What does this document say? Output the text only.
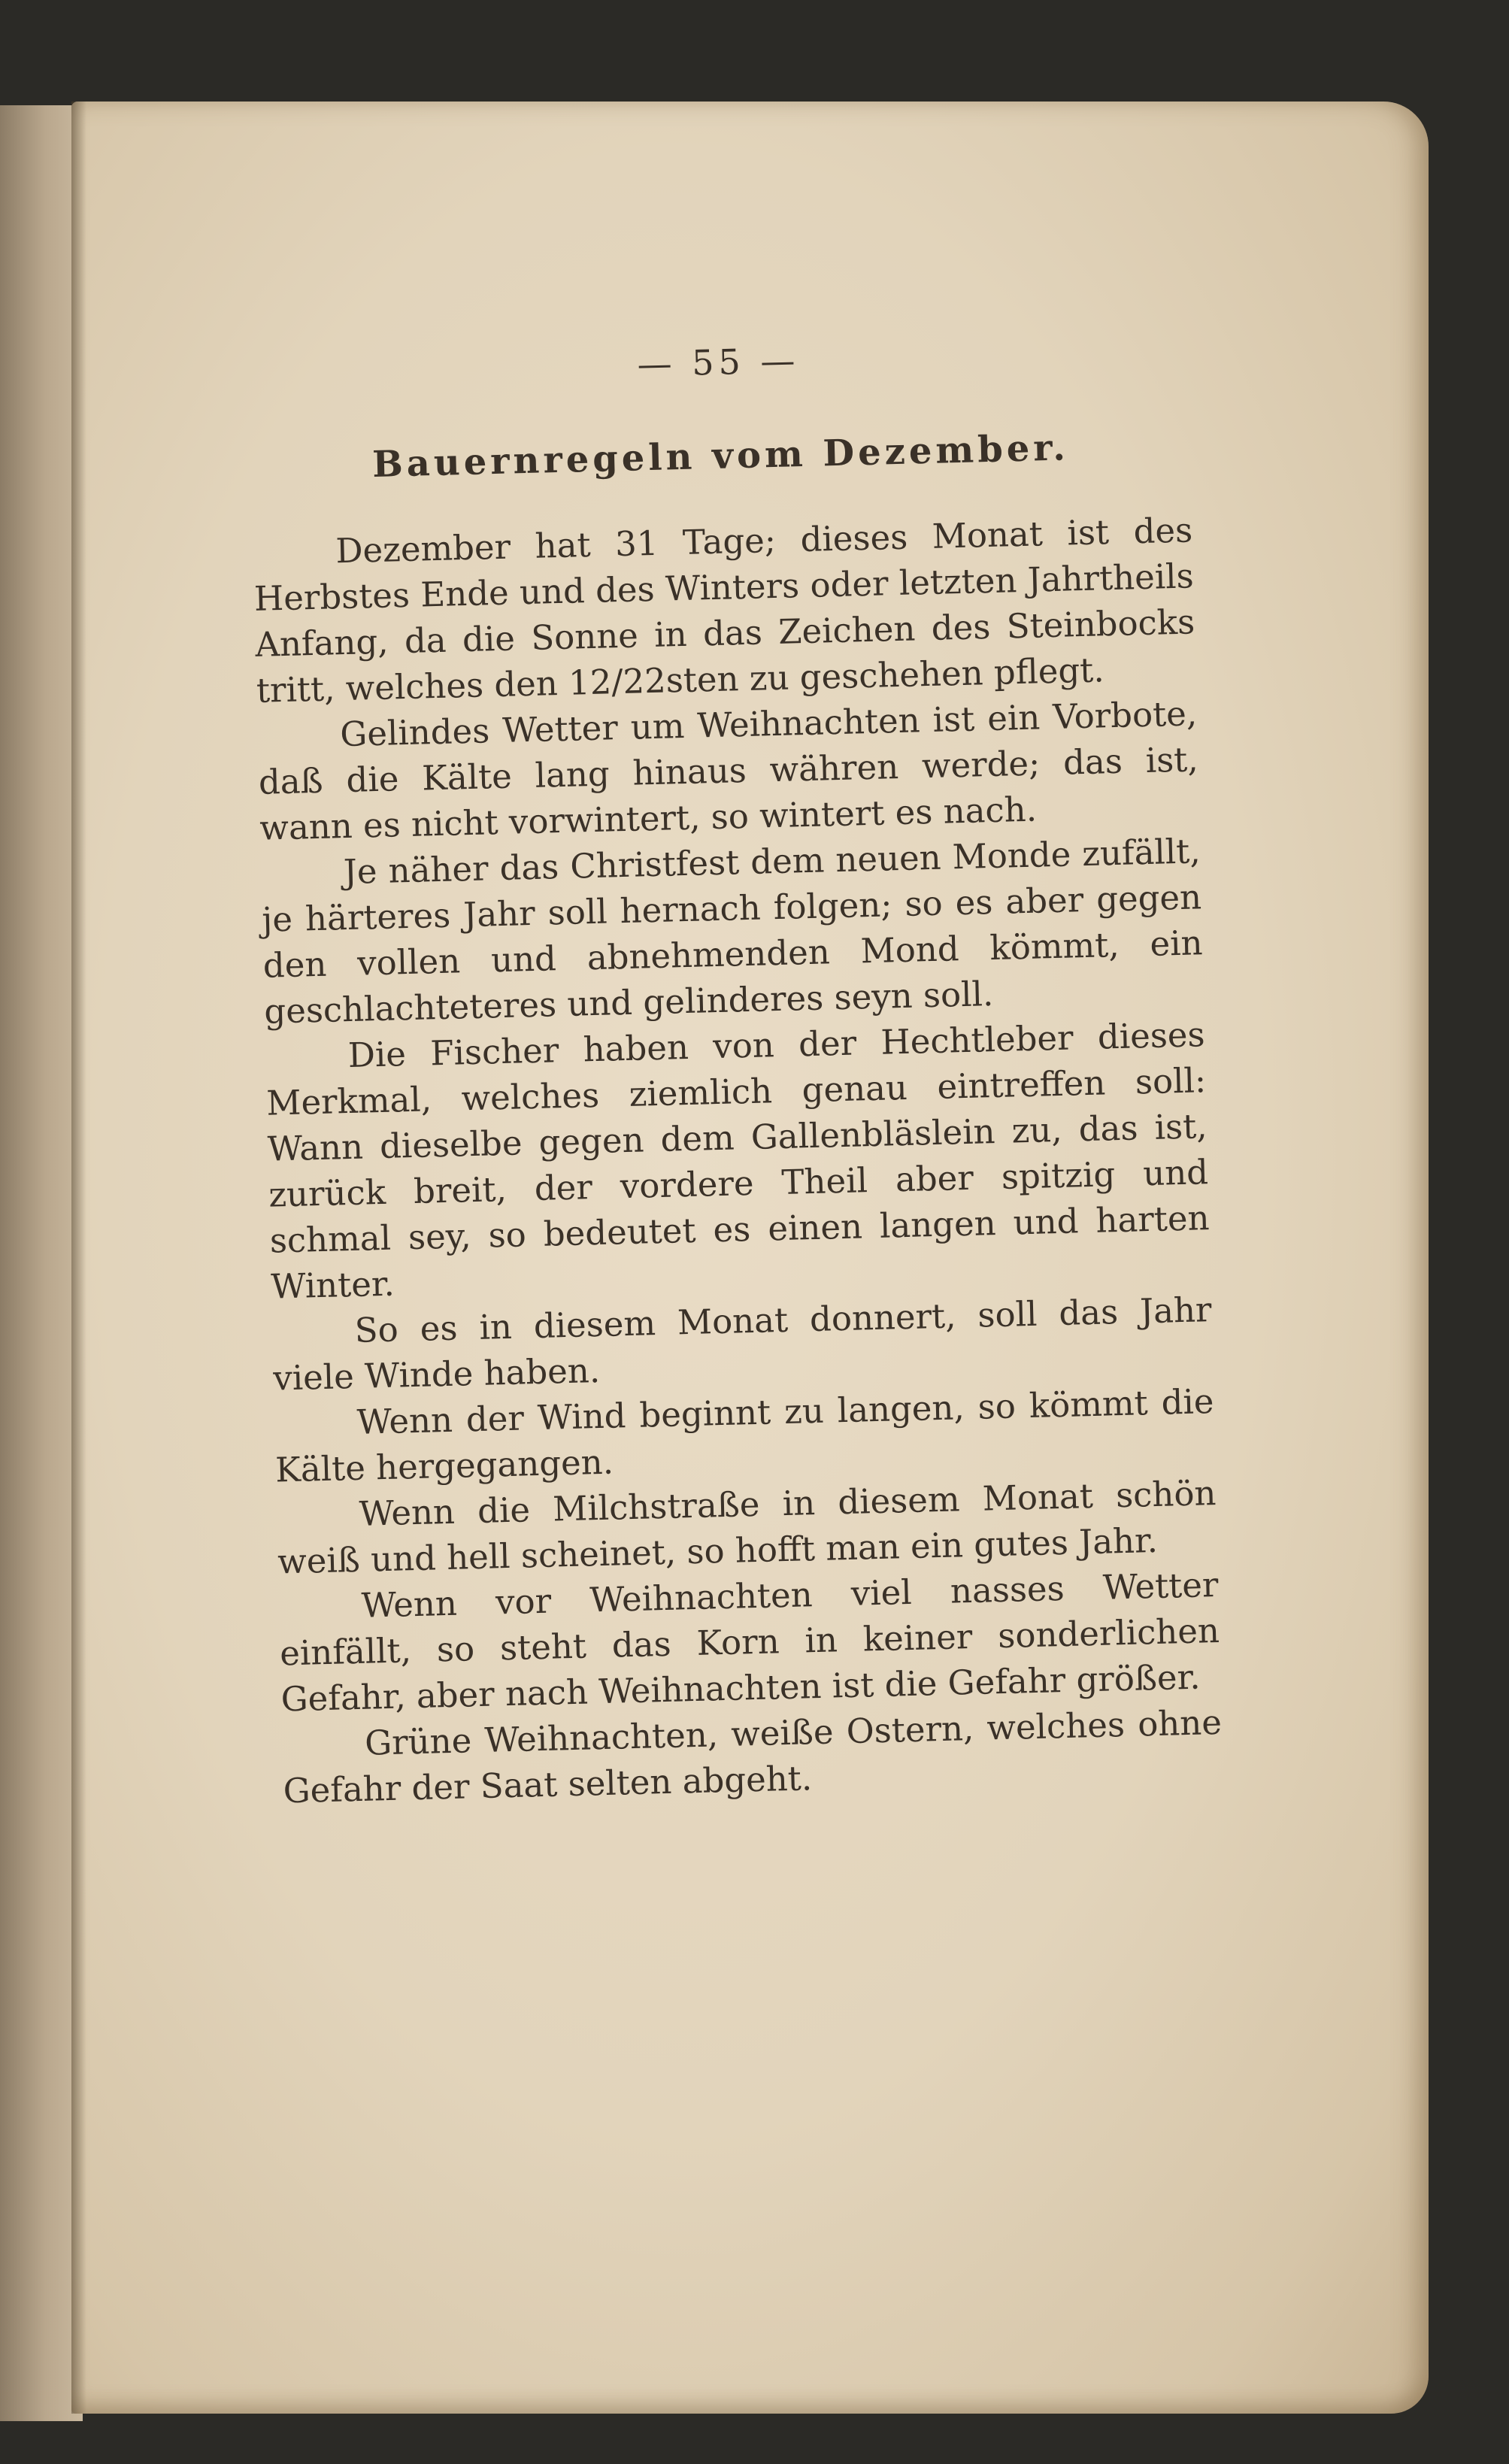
— 55 —
Bauernregeln vom Dezember.

Dezember hat 31 Tage; dieses Monat ist des Herbstes Ende und des Winters oder letzten Jahrtheils Anfang, da die Sonne in das Zeichen des Steinbocks tritt, welches den 12/22sten zu geschehen pflegt.

Gelindes Wetter um Weihnachten ist ein Vorbote, daß die Kälte lang hinaus währen werde; das ist, wann es nicht vorwintert, so wintert es nach.

Je näher das Christfest dem neuen Monde zufällt, je härteres Jahr soll hernach folgen; so es aber gegen den vollen und abnehmenden Mond kömmt, ein geschlachteteres und gelinderes seyn soll.

Die Fischer haben von der Hechtleber dieses Merkmal, welches ziemlich genau eintreffen soll: Wann dieselbe gegen dem Gallenbläslein zu, das ist, zurück breit, der vordere Theil aber spitzig und schmal sey, so bedeutet es einen langen und harten Winter.

So es in diesem Monat donnert, soll das Jahr viele Winde haben.

Wenn der Wind beginnt zu langen, so kömmt die Kälte hergegangen.

Wenn die Milchstraße in diesem Monat schön weiß und hell scheinet, so hofft man ein gutes Jahr.

Wenn vor Weihnachten viel nasses Wetter einfällt, so steht das Korn in keiner sonderlichen Gefahr, aber nach Weihnachten ist die Gefahr größer.

Grüne Weihnachten, weiße Ostern, welches ohne Gefahr der Saat selten abgeht.
